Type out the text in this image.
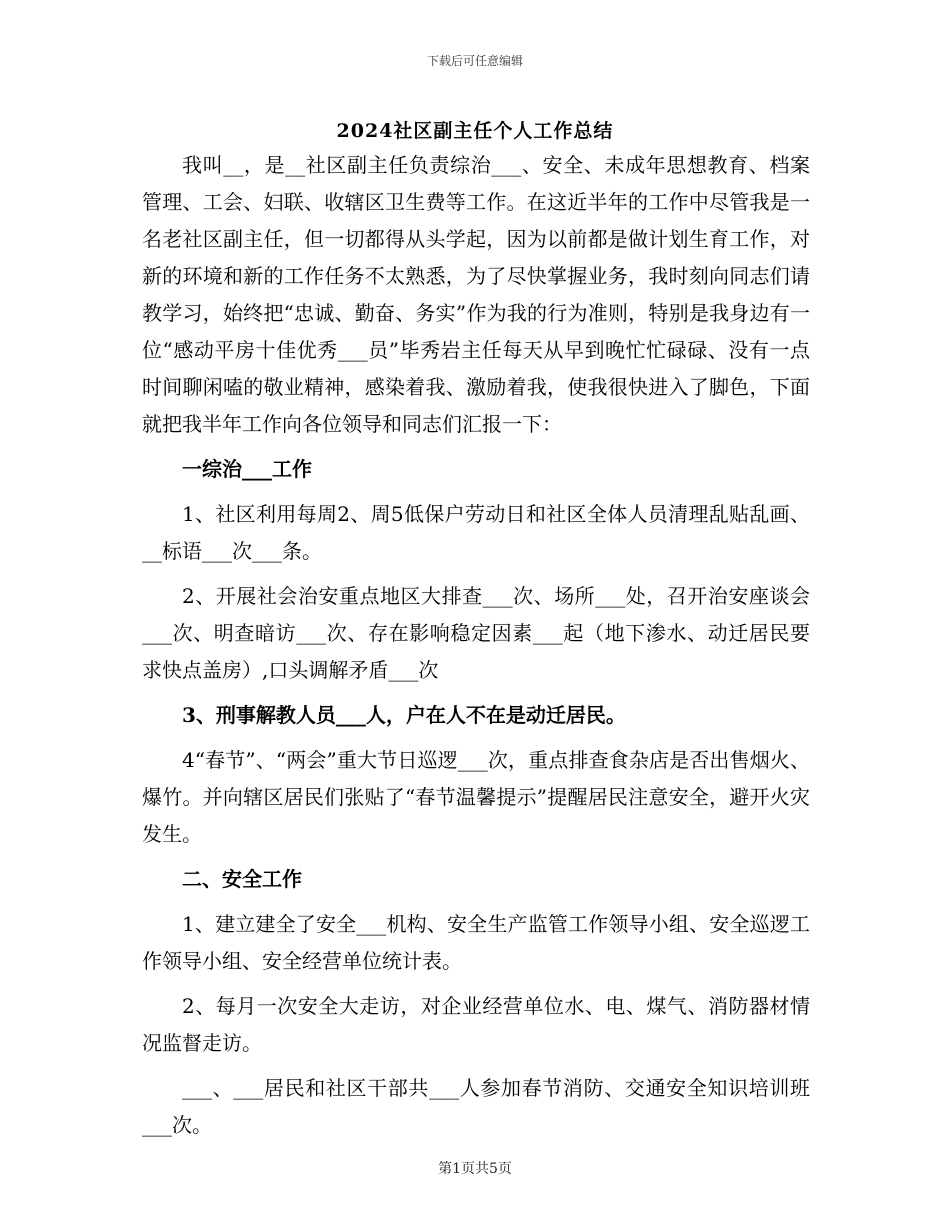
下载后可任意编辑
2024社区副主任个人工作总结

我叫__，是__社区副主任负责综治___、安全、未成年思想教育、档案管理、工会、妇联、收辖区卫生费等工作。在这近半年的工作中尽管我是一名老社区副主任，但一切都得从头学起，因为以前都是做计划生育工作，对新的环境和新的工作任务不太熟悉，为了尽快掌握业务，我时刻向同志们请教学习，始终把“忠诚、勤奋、务实”作为我的行为准则，特别是我身边有一位“感动平房十佳优秀___员”毕秀岩主任每天从早到晚忙忙碌碌、没有一点时间聊闲嗑的敬业精神，感染着我、激励着我，使我很快进入了脚色，下面就把我半年工作向各位领导和同志们汇报一下：

一综治___工作

1、社区利用每周2、周5低保户劳动日和社区全体人员清理乱贴乱画、__标语___次___条。

2、开展社会治安重点地区大排查___次、场所___处，召开治安座谈会___次、明查暗访___次、存在影响稳定因素___起（地下渗水、动迁居民要求快点盖房）,口头调解矛盾___次

3、刑事解教人员___人，户在人不在是动迁居民。

4“春节”、“两会”重大节日巡逻___次，重点排查食杂店是否出售烟火、爆竹。并向辖区居民们张贴了“春节温馨提示”提醒居民注意安全，避开火灾发生。

二、安全工作

1、建立建全了安全___机构、安全生产监管工作领导小组、安全巡逻工作领导小组、安全经营单位统计表。

2、每月一次安全大走访，对企业经营单位水、电、煤气、消防器材情况监督走访。

___、___居民和社区干部共___人参加春节消防、交通安全知识培训班___次。

第1页共5页
